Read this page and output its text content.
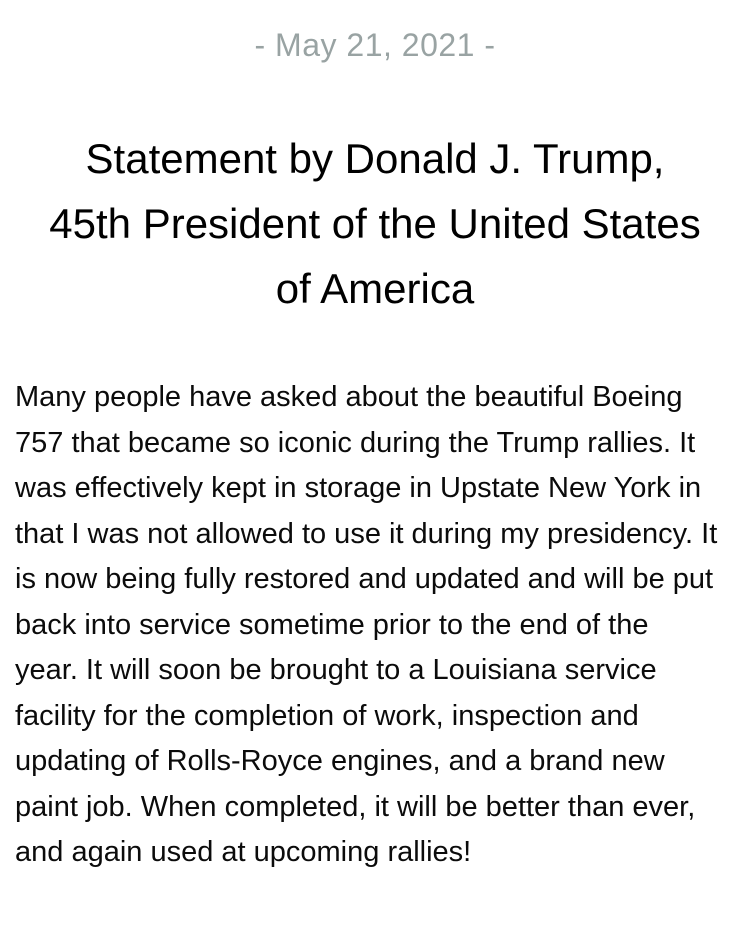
- May 21, 2021 -
Statement by Donald J. Trump,
45th President of the United States
of America
Many people have asked about the beautiful Boeing
757 that became so iconic during the Trump rallies. It
was effectively kept in storage in Upstate New York in
that I was not allowed to use it during my presidency. It
is now being fully restored and updated and will be put
back into service sometime prior to the end of the
year. It will soon be brought to a Louisiana service
facility for the completion of work, inspection and
updating of Rolls-Royce engines, and a brand new
paint job. When completed, it will be better than ever,
and again used at upcoming rallies!
